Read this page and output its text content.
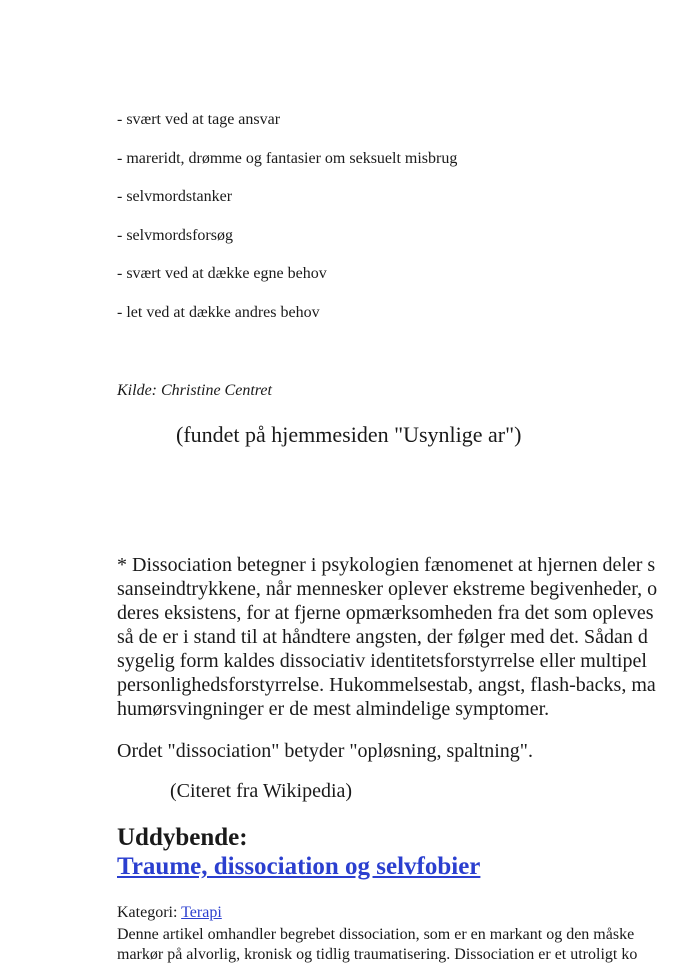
- svært ved at tage ansvar
- mareridt, drømme og fantasier om seksuelt misbrug
- selvmordstanker
- selvmordsforsøg
- svært ved at dække egne behov
- let ved at dække andres behov
Kilde: Christine Centret
(fundet på hjemmesiden "Usynlige ar")
* Dissociation betegner i psykologien fænomenet at hjernen deler s
sanseindtrykkene, når mennesker oplever ekstreme begivenheder, o
deres eksistens, for at fjerne opmærksomheden fra det som opleves
så de er i stand til at håndtere angsten, der følger med det. Sådan d
sygelig form kaldes dissociativ identitetsforstyrrelse eller multipel
personlighedsforstyrrelse. Hukommelsestab, angst, flash-backs, ma
humørsvingninger er de mest almindelige symptomer.
Ordet "dissociation" betyder "opløsning, spaltning".
(Citeret fra Wikipedia)
Uddybende:
Traume, dissociation og selvfobier
Kategori: Terapi
Denne artikel omhandler begrebet dissociation, som er en markant og den måske
markør på alvorlig, kronisk og tidlig traumatisering. Dissociation er et utroligt ko
